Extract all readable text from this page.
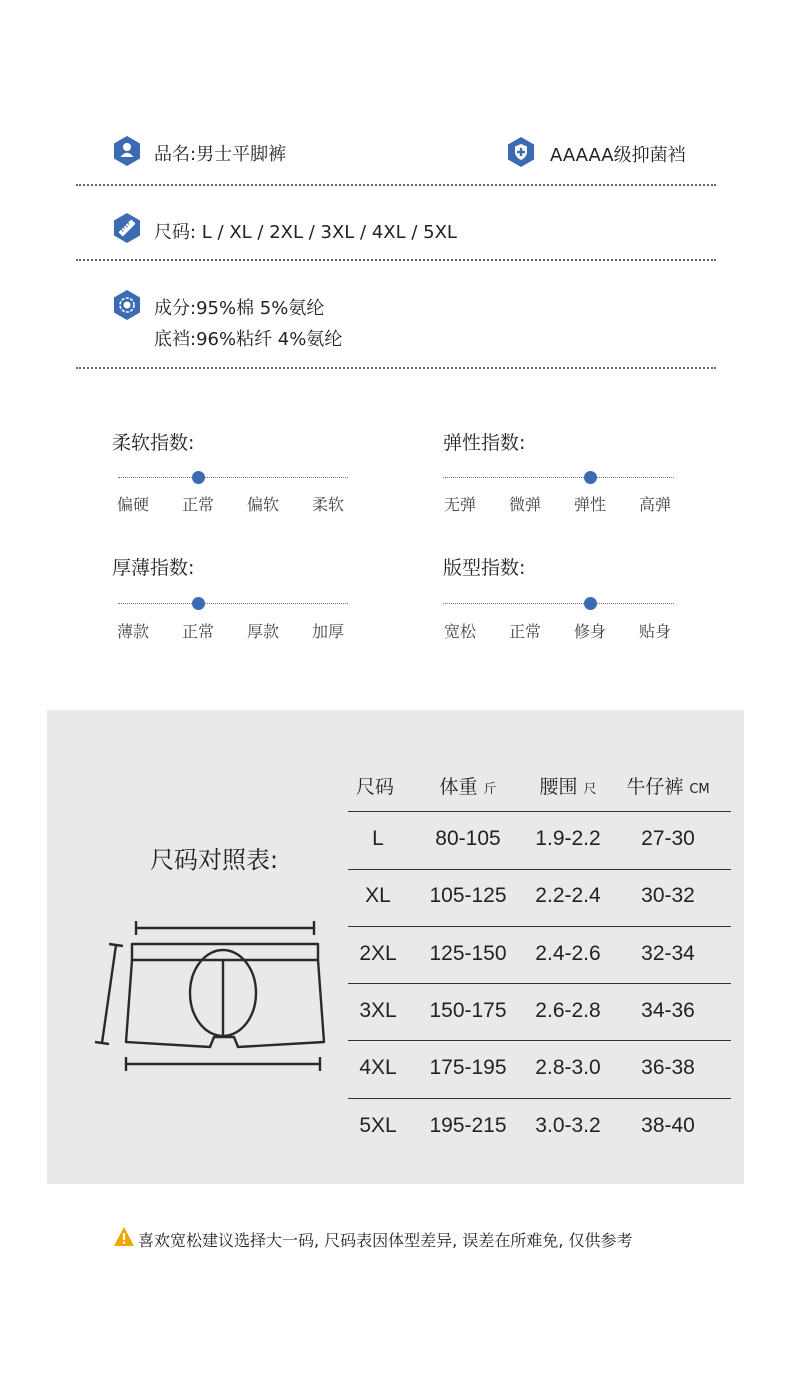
品名:男士平脚裤	AAAAA级抑菌裆
尺码: L / XL / 2XL / 3XL / 4XL / 5XL
成分:95%棉 5%氨纶
底裆:96%粘纤 4%氨纶
柔软指数:
偏硬 正常 偏软 柔软
弹性指数:
无弹 微弹 弹性 高弹
厚薄指数:
薄款 正常 厚款 加厚
版型指数:
宽松 正常 修身 贴身
尺码对照表:
尺码	体重 斤 腰围 尺 牛仔裤 CM
L 80-105 1.9-2.2 27-30
XL 105-125 2.2-2.4 30-32
2XL 125-150 2.4-2.6 32-34
3XL 150-175 2.6-2.8 34-36
4XL 175-195 2.8-3.0 36-38
5XL 195-215 3.0-3.2 38-40
喜欢宽松建议选择大一码, 尺码表因体型差异, 误差在所难免, 仅供参考
